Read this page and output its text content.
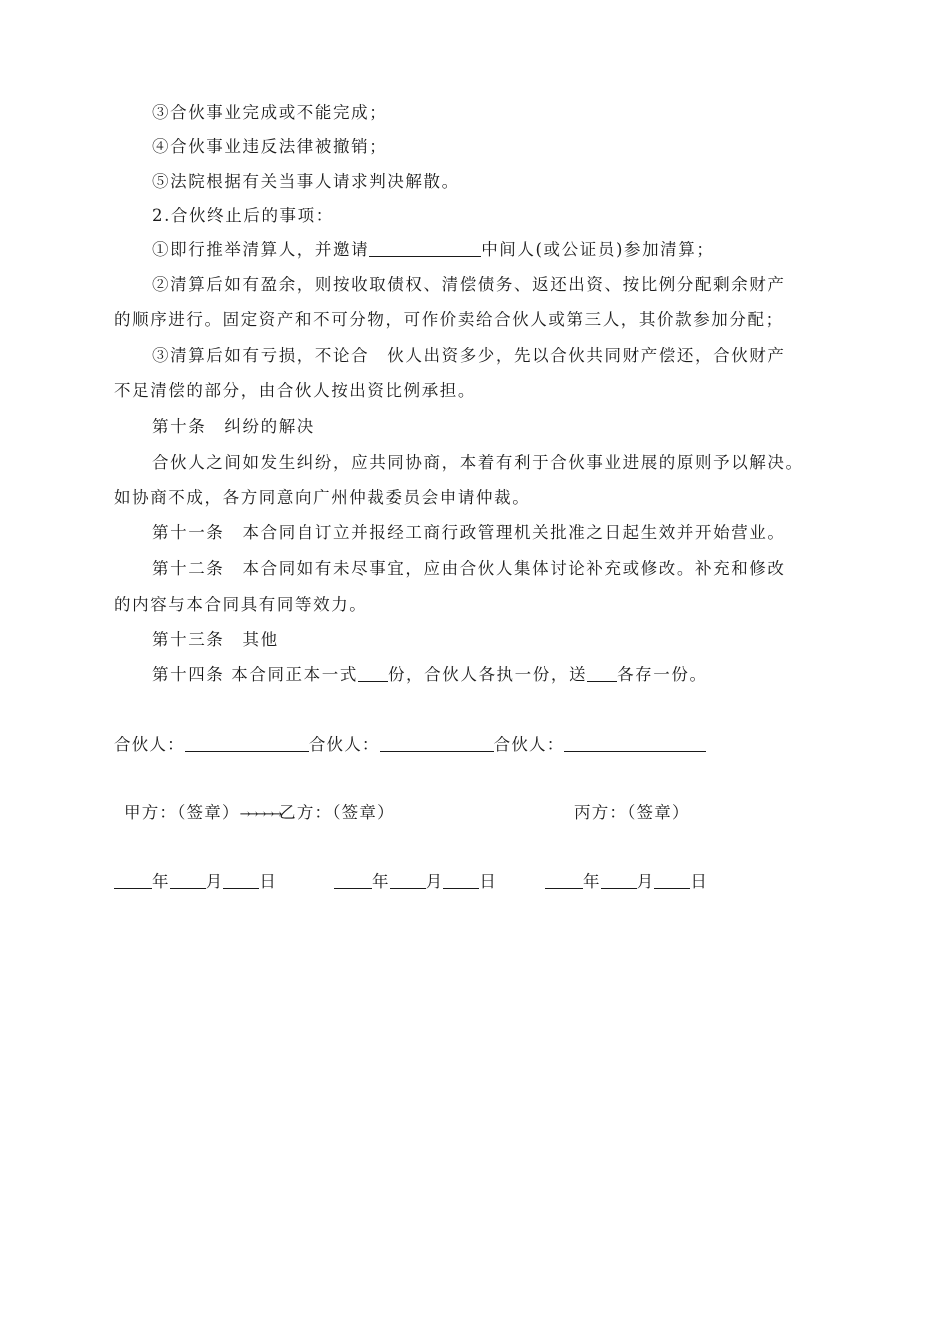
③合伙事业完成或不能完成；
④合伙事业违反法律被撤销；
⑤法院根据有关当事人请求判决解散。
2.合伙终止后的事项：
①即行推举清算人，并邀请	中间人(或公证员)参加清算；
②清算后如有盈余，则按收取债权、清偿债务、返还出资、按比例分配剩余财产
的顺序进行。固定资产和不可分物，可作价卖给合伙人或第三人，其价款参加分配；
③清算后如有亏损，不论合　伙人出资多少，先以合伙共同财产偿还，合伙财产
不足清偿的部分，由合伙人按出资比例承担。
第十条　纠纷的解决
合伙人之间如发生纠纷，应共同协商，本着有利于合伙事业进展的原则予以解决。
如协商不成，各方同意向广州仲裁委员会申请仲裁。
第十一条　本合同自订立并报经工商行政管理机关批准之日起生效并开始营业。
第十二条　本合同如有未尽事宜，应由合伙人集体讨论补充或修改。补充和修改
的内容与本合同具有同等效力。
第十三条　其他
第十四条 本合同正本一式 份，合伙人各执一份，送 各存一份。
合伙人：	合伙人：	合伙人：
甲方：（签章）→→→→→乙方：（签章）	丙方：（签章）
年 月 日	年 月 日	年 月 日
